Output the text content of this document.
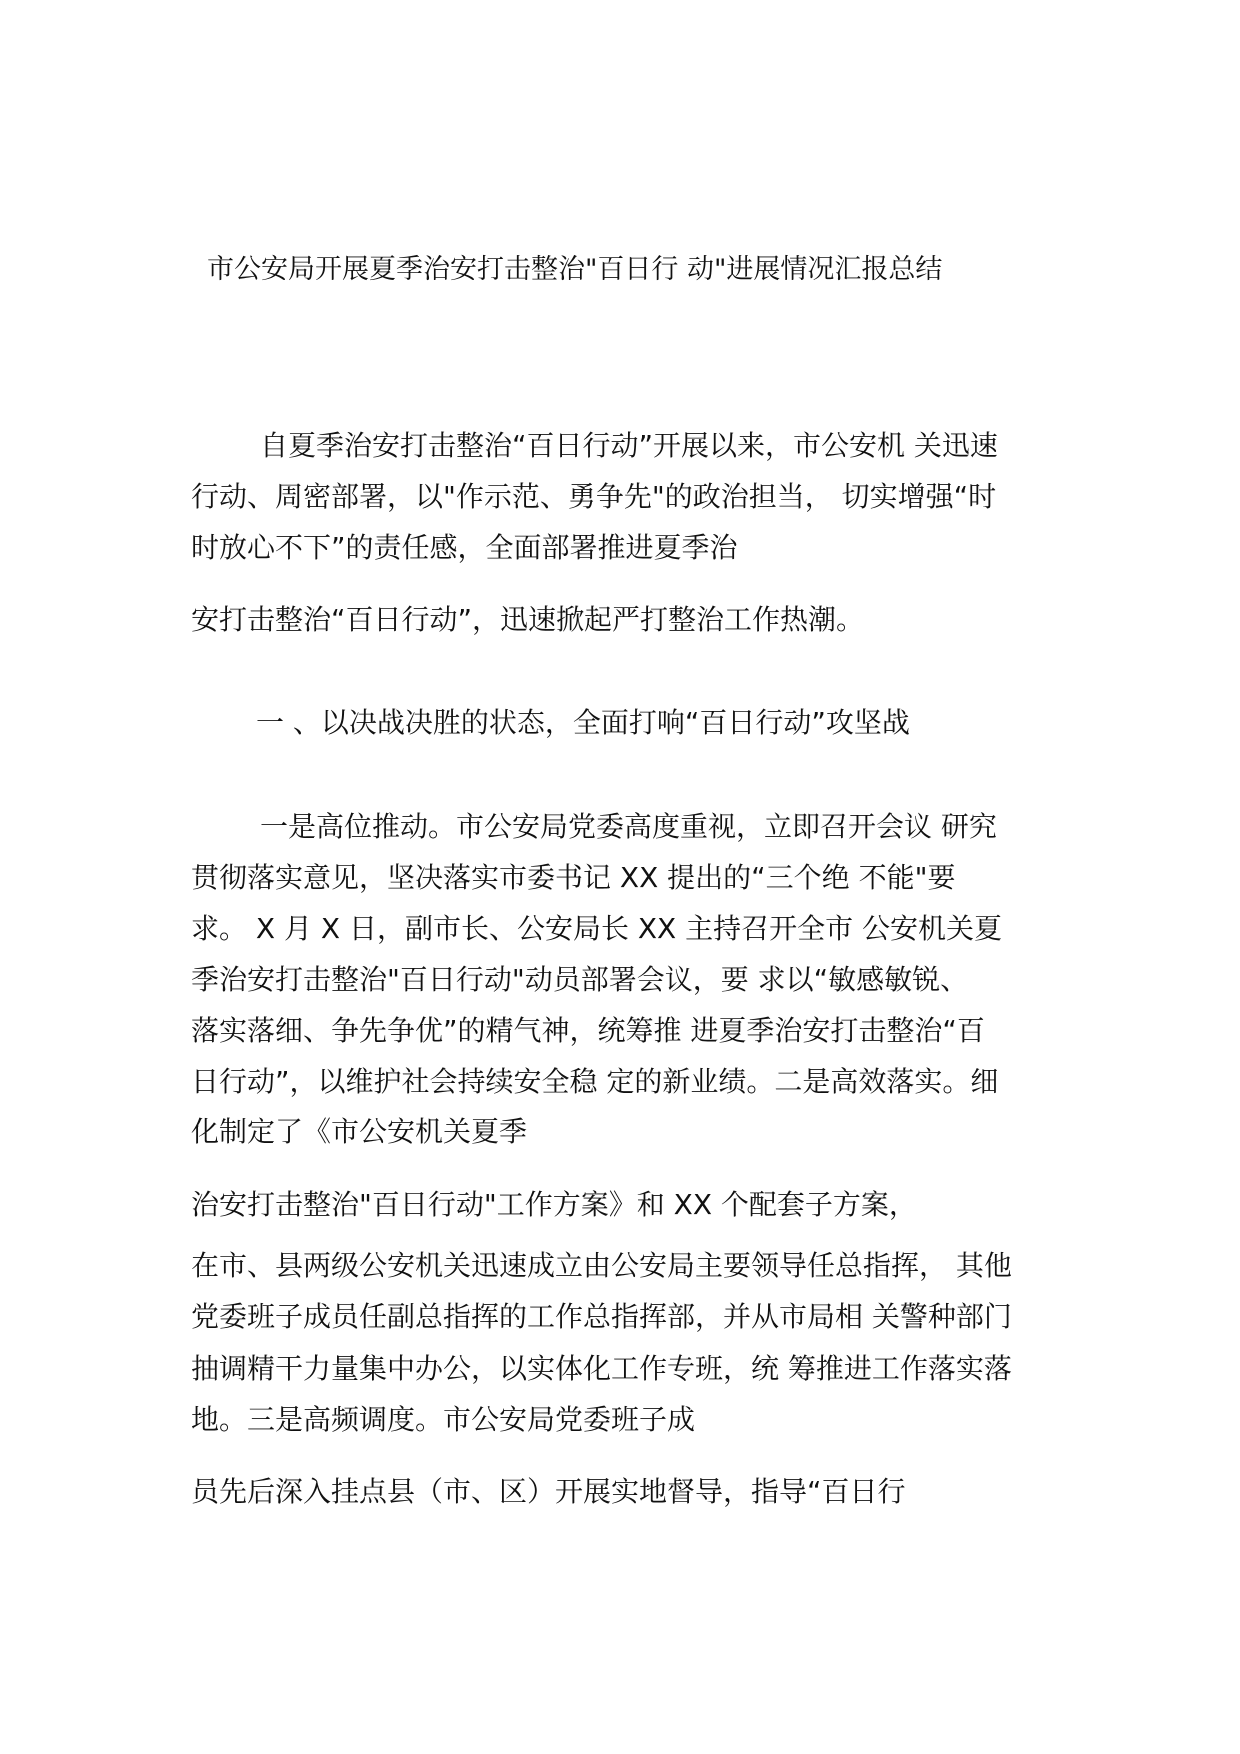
市公安局开展夏季治安打击整治"百日行 动"进展情况汇报总结
自夏季治安打击整治“百日行动”开展以来，市公安机 关迅速
行动、周密部署，以"作示范、勇争先"的政治担当， 切实增强“时
时放心不下”的责任感，全面部署推进夏季治
安打击整治“百日行动”，迅速掀起严打整治工作热潮。
一 、以决战决胜的状态，全面打响“百日行动”攻坚战
一是高位推动。市公安局党委高度重视，立即召开会议 研究
贯彻落实意见，坚决落实市委书记 XX 提出的“三个绝 不能"要
求。 X 月 X 日，副市长、公安局长 XX 主持召开全市 公安机关夏
季治安打击整治"百日行动"动员部署会议，要 求以“敏感敏锐、
落实落细、争先争优”的精气神，统筹推 进夏季治安打击整治“百
日行动”，以维护社会持续安全稳 定的新业绩。二是高效落实。细
化制定了《市公安机关夏季
治安打击整治"百日行动"工作方案》和 XX 个配套子方案，
在市、县两级公安机关迅速成立由公安局主要领导任总指挥， 其他
党委班子成员任副总指挥的工作总指挥部，并从市局相 关警种部门
抽调精干力量集中办公，以实体化工作专班，统 筹推进工作落实落
地。三是高频调度。市公安局党委班子成
员先后深入挂点县（市、区）开展实地督导，指导“百日行
